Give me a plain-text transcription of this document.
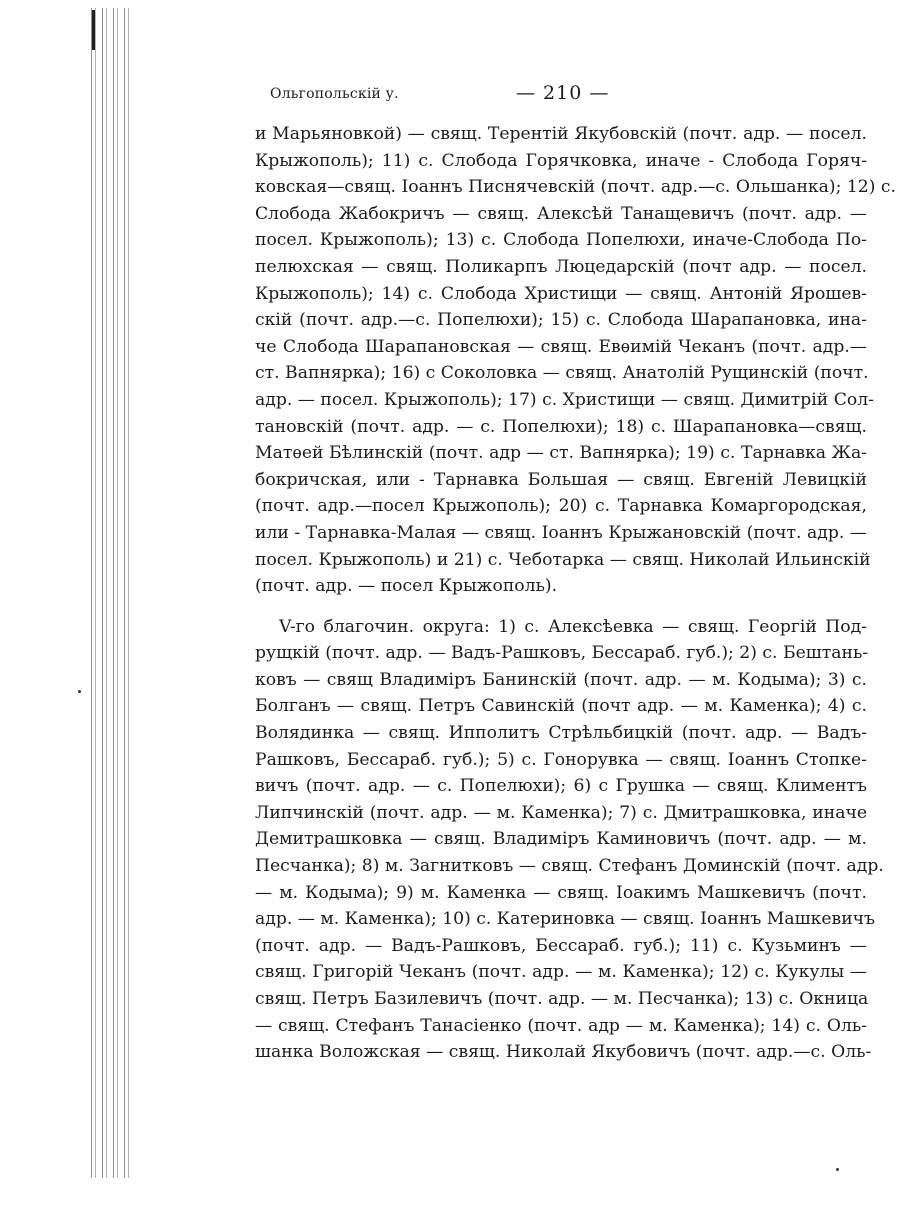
Ольгопольскiй у.	— 210 —
и Марьяновкой) — свящ. Терентiй Якубовскiй (почт. адр. — посел.
Крыжополь); 11) с. Слобода Горячковка, иначе - Слобода Горяч-
ковская—свящ. Iоаннъ Писнячевскiй (почт. адр.—с. Ольшанка); 12) с.
Слобода Жабокричъ — свящ. Алексѣй Танащевичъ (почт. адр. —
посел. Крыжополь); 13) с. Слобода Попелюхи, иначе-Слобода По-
пелюхская — свящ. Поликарпъ Люцедарскiй (почт адр. — посел.
Крыжополь); 14) с. Слобода Христищи — свящ. Антонiй Ярошев-
скiй (почт. адр.—с. Попелюхи); 15) с. Слобода Шарапановка, ина-
че Слобода Шарапановская — свящ. Евѳимiй Чеканъ (почт. адр.—
ст. Вапнярка); 16) с Соколовка — свящ. Анатолiй Рущинскiй (почт.
адр. — посел. Крыжополь); 17) с. Христищи — свящ. Димитрiй Сол-
тановскiй (почт. адр. — с. Попелюхи); 18) с. Шарапановка—свящ.
Матѳей Бѣлинскiй (почт. адр — ст. Вапнярка); 19) с. Тарнавка Жа-
бокричская, или - Тарнавка Большая — свящ. Евгенiй Левицкiй
(почт. адр.—посел Крыжополь); 20) с. Тарнавка Комаргородская,
или - Тарнавка-Малая — свящ. Iоаннъ Крыжановскiй (почт. адр. —
посел. Крыжополь) и 21) с. Чеботарка — свящ. Николай Ильинскiй
(почт. адр. — посел Крыжополь).
V-го благочин. округа: 1) с. Алексѣевка — свящ. Георгiй Под-
рущкiй (почт. адр. — Вадъ-Рашковъ, Бессараб. губ.); 2) с. Бештань-
ковъ — свящ Владимiръ Банинскiй (почт. адр. — м. Кодыма); 3) с.
Болганъ — свящ. Петръ Савинскiй (почт адр. — м. Каменка); 4) с.
Волядинка — свящ. Ипполитъ Стрѣльбицкiй (почт. адр. — Вадъ-
Рашковъ, Бессараб. губ.); 5) с. Гонорувка — свящ. Iоаннъ Стопке-
вичъ (почт. адр. — с. Попелюхи); 6) с Грушка — свящ. Климентъ
Липчинскiй (почт. адр. — м. Каменка); 7) с. Дмитрашковка, иначе
Демитрашковка — свящ. Владимiръ Каминовичъ (почт. адр. — м.
Песчанка); 8) м. Загнитковъ — свящ. Стефанъ Доминскiй (почт. адр.
— м. Кодыма); 9) м. Каменка — свящ. Iоакимъ Машкевичъ (почт.
адр. — м. Каменка); 10) с. Катериновка — свящ. Iоаннъ Машкевичъ
(почт. адр. — Вадъ-Рашковъ, Бессараб. губ.); 11) с. Кузьминъ —
свящ. Григорiй Чеканъ (почт. адр. — м. Каменка); 12) с. Кукулы —
свящ. Петръ Базилевичъ (почт. адр. — м. Песчанка); 13) с. Окница
— свящ. Стефанъ Танасiенко (почт. адр — м. Каменка); 14) с. Оль-
шанка Воложская — свящ. Николай Якубовичъ (почт. адр.—с. Оль-
